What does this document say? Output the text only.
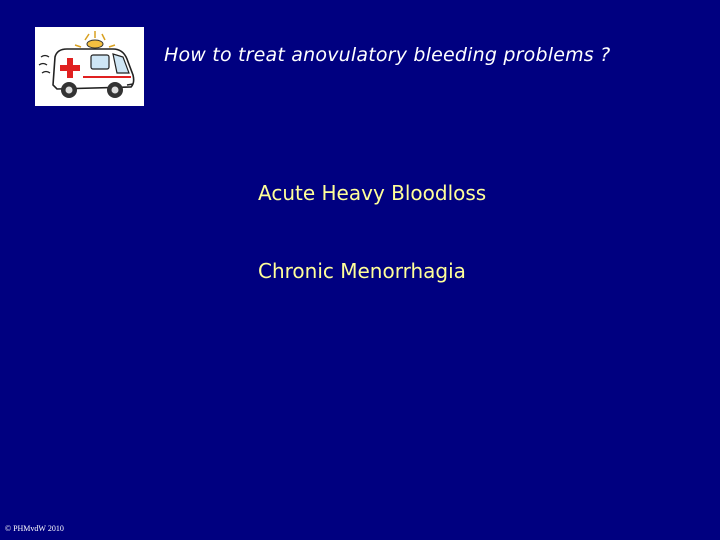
How to treat anovulatory bleeding problems ?
Acute Heavy Bloodloss
Chronic Menorrhagia
© PHMvdW 2010
